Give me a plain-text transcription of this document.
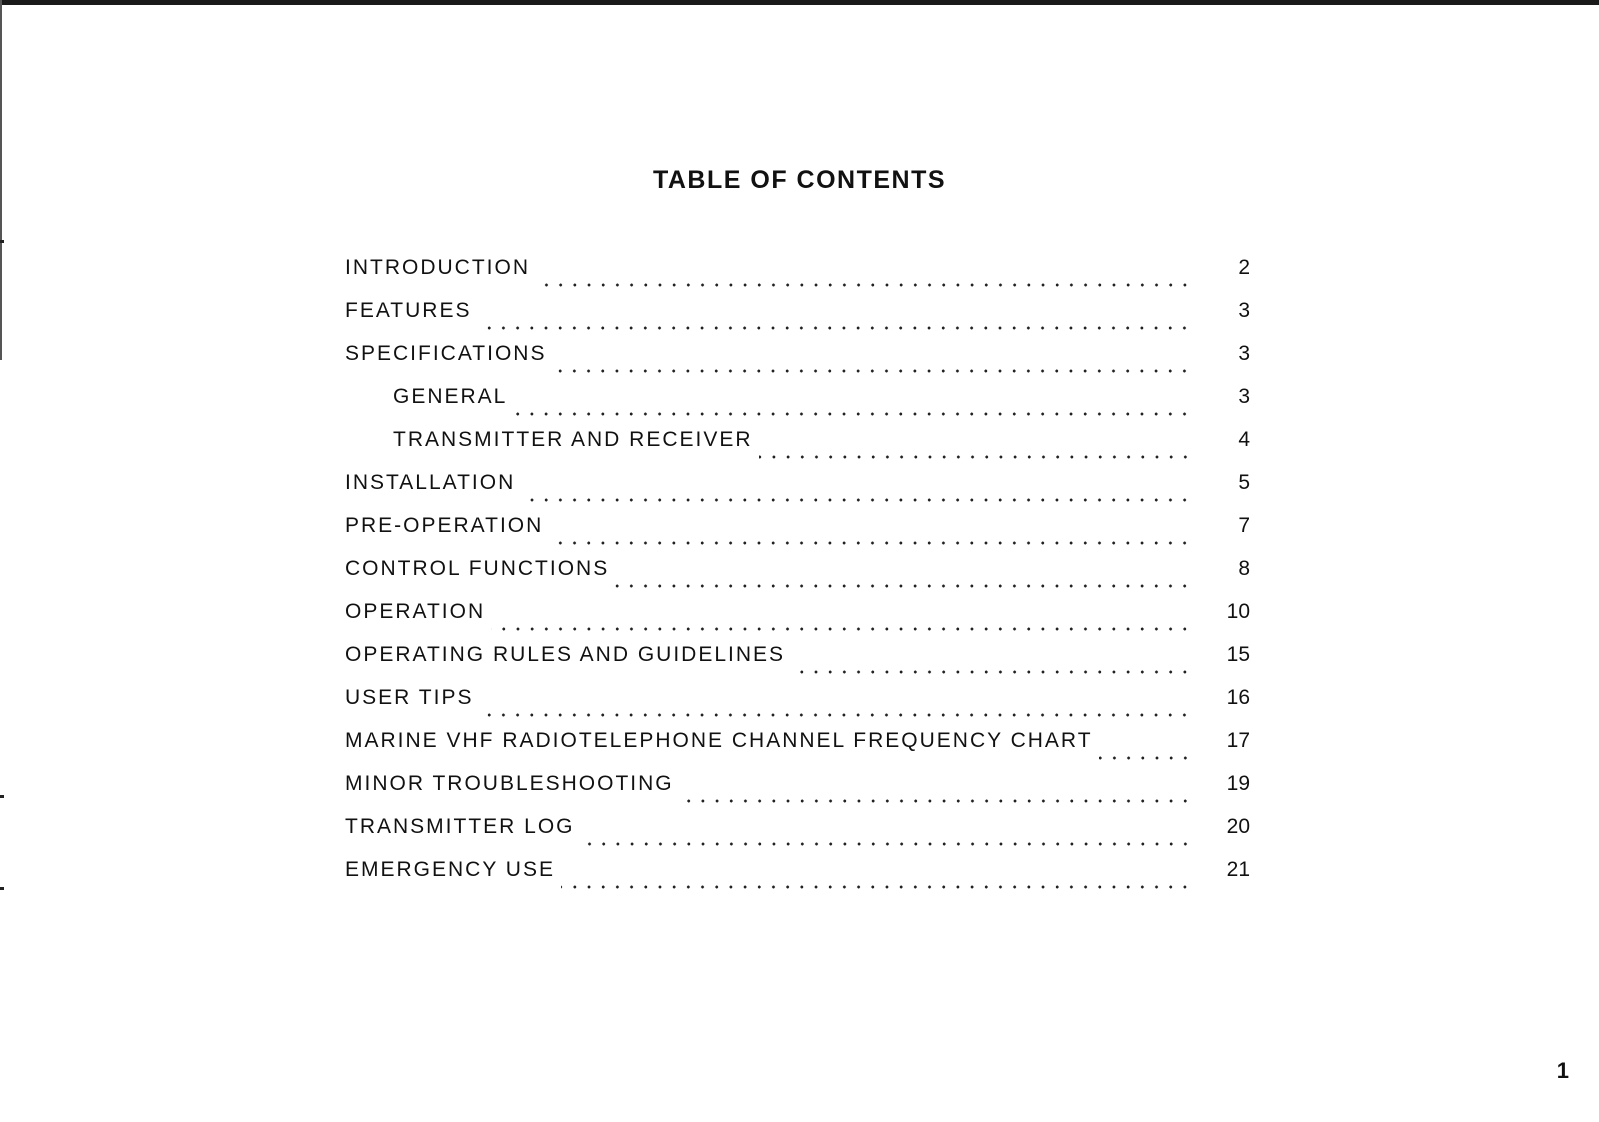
TABLE OF CONTENTS
INTRODUCTION	2
FEATURES	3
SPECIFICATIONS	3
GENERAL	3
TRANSMITTER AND RECEIVER	4
INSTALLATION	5
PRE-OPERATION	7
CONTROL FUNCTIONS	8
OPERATION	10
OPERATING RULES AND GUIDELINES	15
USER TIPS	16
MARINE VHF RADIOTELEPHONE CHANNEL FREQUENCY CHART	17
MINOR TROUBLESHOOTING	19
TRANSMITTER LOG	20
EMERGENCY USE	21
1
